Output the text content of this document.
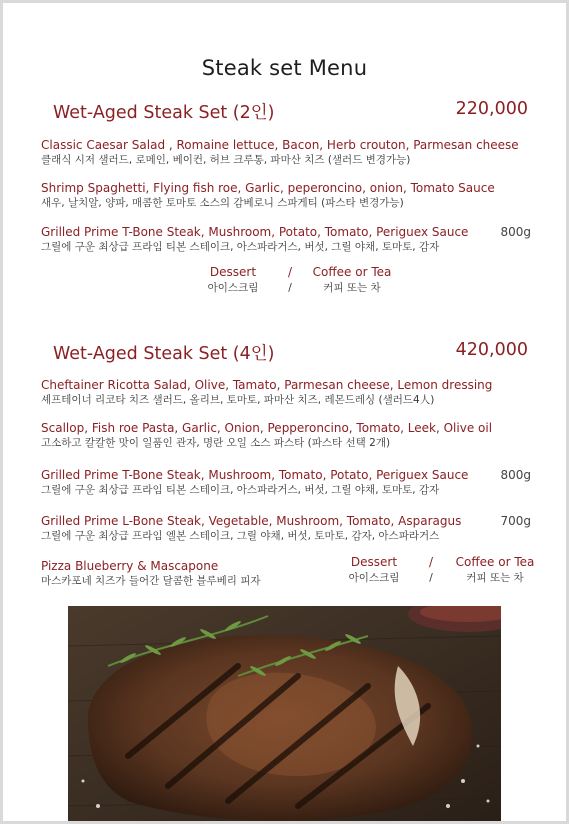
Steak set Menu
Wet-Aged Steak Set (2인)	220,000
Classic Caesar Salad , Romaine lettuce, Bacon, Herb crouton, Parmesan cheese
클래식 시저 샐러드, 로메인, 베이컨, 허브 크루통, 파마산 치즈 (샐러드 변경가능)
Shrimp Spaghetti, Flying fish roe, Garlic, peperoncino, onion, Tomato Sauce
새우, 날치알, 양파, 매콤한 토마토 소스의 감베로니 스파게티 (파스타 변경가능)
Grilled Prime T-Bone Steak, Mushroom, Potato, Tomato, Periguex Sauce
그릴에 구운 최상급 프라임 티본 스테이크, 아스파라거스, 버섯, 그릴 야채, 토마토, 감자
800g
Dessert	/	Coffee or Tea
아이스크림	/	커피 또는 차
Wet-Aged Steak Set (4인)	420,000
Cheftainer Ricotta Salad, Olive, Tamato, Parmesan cheese, Lemon dressing
셰프테이너 리코타 치즈 샐러드, 올리브, 토마토, 파마산 치즈, 레몬드레싱 (샐러드4人)
Scallop, Fish roe Pasta, Garlic, Onion, Pepperoncino, Tomato, Leek, Olive oil
고소하고 칼칼한 맛이 일품인 관자, 명란 오일 소스 파스타 (파스타 선택 2개)
Grilled Prime T-Bone Steak, Mushroom, Tomato, Potato, Periguex Sauce
그릴에 구운 최상급 프라임 티본 스테이크, 아스파라거스, 버섯, 그릴 야채, 토마토, 감자
800g
Grilled Prime L-Bone Steak, Vegetable, Mushroom, Tomato, Asparagus
그릴에 구운 최상급 프라임 엘본 스테이크, 그릴 야채, 버섯, 토마토, 감자, 아스파라거스
700g
Pizza Blueberry & Mascapone
마스카포네 치즈가 들어간 달콤한 블루베리 피자
Dessert	/	Coffee or Tea
아이스크림	/	커피 또는 차
